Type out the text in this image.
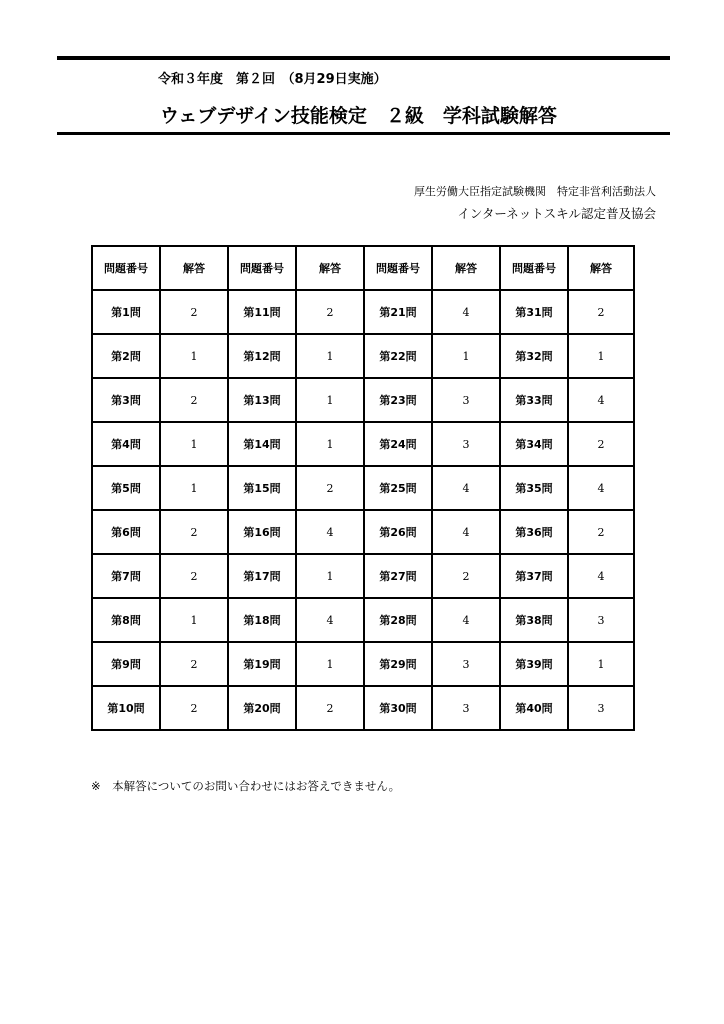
令和３年度　第２回　（8月29日実施）
ウェブデザイン技能検定　２級　学科試験解答
厚生労働大臣指定試験機関　特定非営利活動法人
インターネットスキル認定普及協会
問題番号	解答	問題番号	解答	問題番号	解答	問題番号	解答
第1問	2	第11問	2	第21問	4	第31問	2
第2問	1	第12問	1	第22問	1	第32問	1
第3問	2	第13問	1	第23問	3	第33問	4
第4問	1	第14問	1	第24問	3	第34問	2
第5問	1	第15問	2	第25問	4	第35問	4
第6問	2	第16問	4	第26問	4	第36問	2
第7問	2	第17問	1	第27問	2	第37問	4
第8問	1	第18問	4	第28問	4	第38問	3
第9問	2	第19問	1	第29問	3	第39問	1
第10問	2	第20問	2	第30問	3	第40問	3
※　本解答についてのお問い合わせにはお答えできません。
